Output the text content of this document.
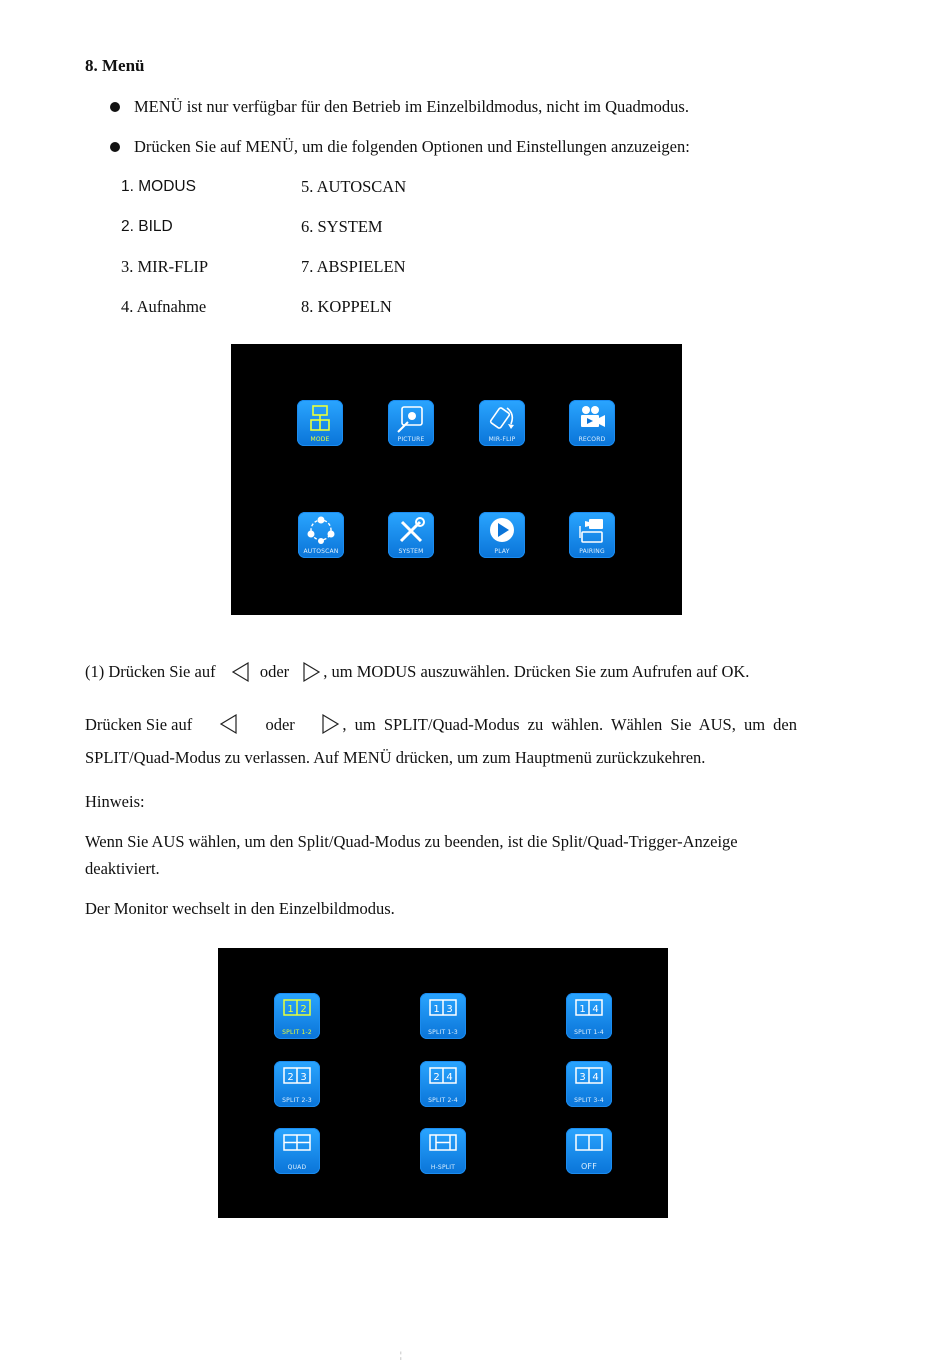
8. Menü
MENÜ ist nur verfügbar für den Betrieb im Einzelbildmodus, nicht im Quadmodus.
Drücken Sie auf MENÜ, um die folgenden Optionen und Einstellungen anzuzeigen:
1. MODUS
2. BILD
3. MIR-FLIP
4. Aufnahme
5. AUTOSCAN
6. SYSTEM
7. ABSPIELEN
8. KOPPELN
MODE	PICTURE	MIR-FLIP	RECORD
AUTOSCAN	SYSTEM	PLAY	PAIRING
(1) Drücken Sie auf	oder , um MODUS auszuwählen. Drücken Sie zum Aufrufen auf OK.
Drücken Sie auf	oder	, um SPLIT/Quad-Modus zu wählen. Wählen Sie AUS, um den
SPLIT/Quad-Modus zu verlassen. Auf MENÜ drücken, um zum Hauptmenü zurückzukehren.
Hinweis:
Wenn Sie AUS wählen, um den Split/Quad-Modus zu beenden, ist die Split/Quad-Trigger-Anzeige
deaktiviert.
Der Monitor wechselt in den Einzelbildmodus.
1 2
SPLIT 1-2
1 3
SPLIT 1-3
1 4
SPLIT 1-4
2 3
SPLIT 2-3
2 4
SPLIT 2-4
3 4
SPLIT 3-4
QUAD	H-SPLIT	OFF
¦
